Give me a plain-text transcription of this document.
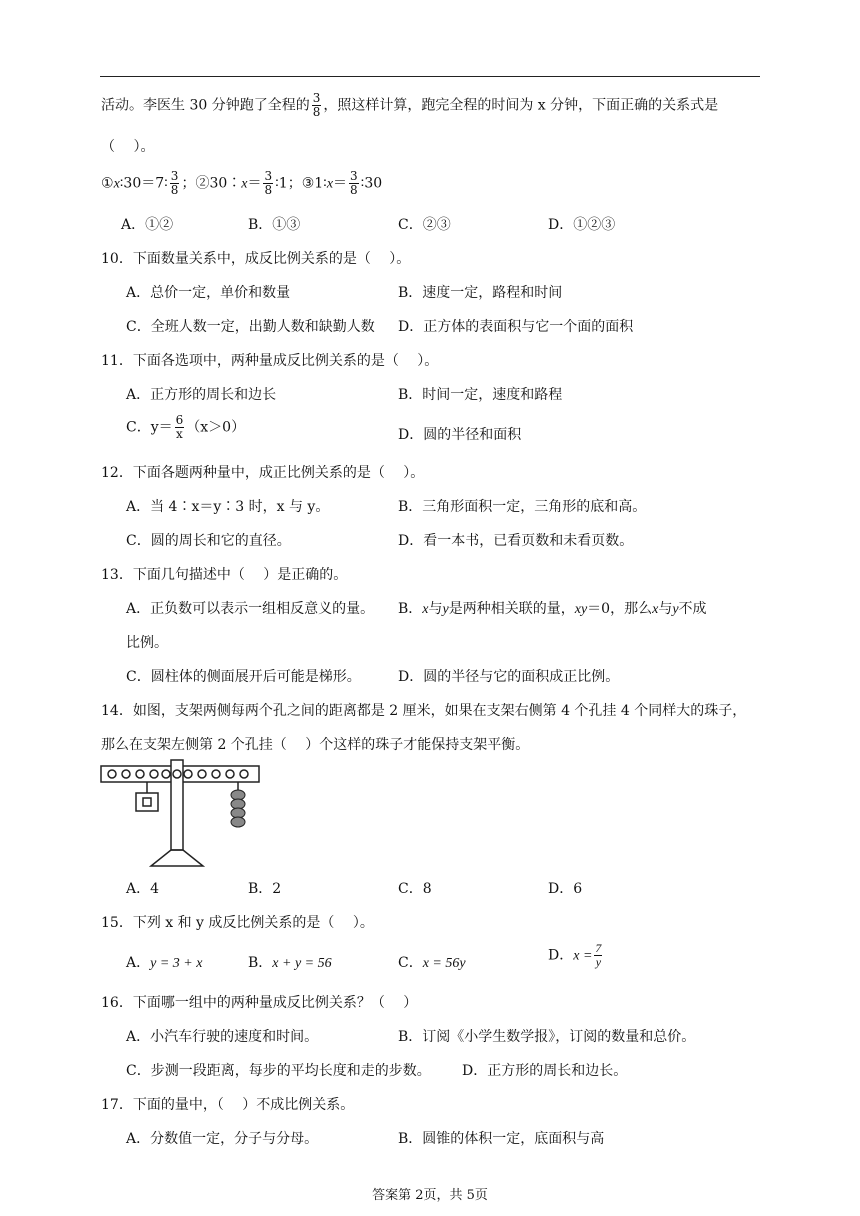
活动。李医生 30 分钟跑了全程的 $\frac{3}{8}$ ，照这样计算，跑完全程的时间为 x 分钟，下面正确的关系式是
（　 ）。
①x∶30＝7∶ $\frac{3}{8}$ ；②30∶x＝ $\frac{3}{8}$ ∶1；③1∶x＝ $\frac{3}{8}$ ∶30
A．①②	B．①③	C．②③	D．①②③
10．下面数量关系中，成反比例关系的是（　 ）。
A．总价一定，单价和数量	B．速度一定，路程和时间
C．全班人数一定，出勤人数和缺勤人数 D．正方体的表面积与它一个面的面积
11．下面各选项中，两种量成反比例关系的是（　 ）。
A．正方形的周长和边长	B．时间一定，速度和路程
C．$y= \frac{6}{x} (x>0)$	D．圆的半径和面积
12．下面各题两种量中，成正比例关系的是（　 ）。
A．当 4∶x＝y∶3 时，x 与 y。	B．三角形面积一定，三角形的底和高。
C．圆的周长和它的直径。	D．看一本书，已看页数和未看页数。
13．下面几句描述中（　 ）是正确的。
A．正负数可以表示一组相反意义的量。 B．x与y是两种相关联的量，xy＝0，那么x与y不成
比例。
C．圆柱体的侧面展开后可能是梯形。	D．圆的半径与它的面积成正比例。
14．如图，支架两侧每两个孔之间的距离都是 2 厘米，如果在支架右侧第 4 个孔挂 4 个同样大的珠子，
那么在支架左侧第 2 个孔挂（　 ）个这样的珠子才能保持支架平衡。
A．4	B．2	C．8	D．6
15．下列 x 和 y 成反比例关系的是（　 ）。
A．y = 3 + x	B．x + y = 56	C．x = 56y	D．$x = \frac{7}{y}$
16．下面哪一组中的两种量成反比例关系？（　 ）
A．小汽车行驶的速度和时间。	B．订阅《小学生数学报》，订阅的数量和总价。
C．步测一段距离，每步的平均长度和走的步数。 D．正方形的周长和边长。
17．下面的量中，（　 ）不成比例关系。
A．分数值一定，分子与分母。	B．圆锥的体积一定，底面积与高
答案第 2页，共 5页
